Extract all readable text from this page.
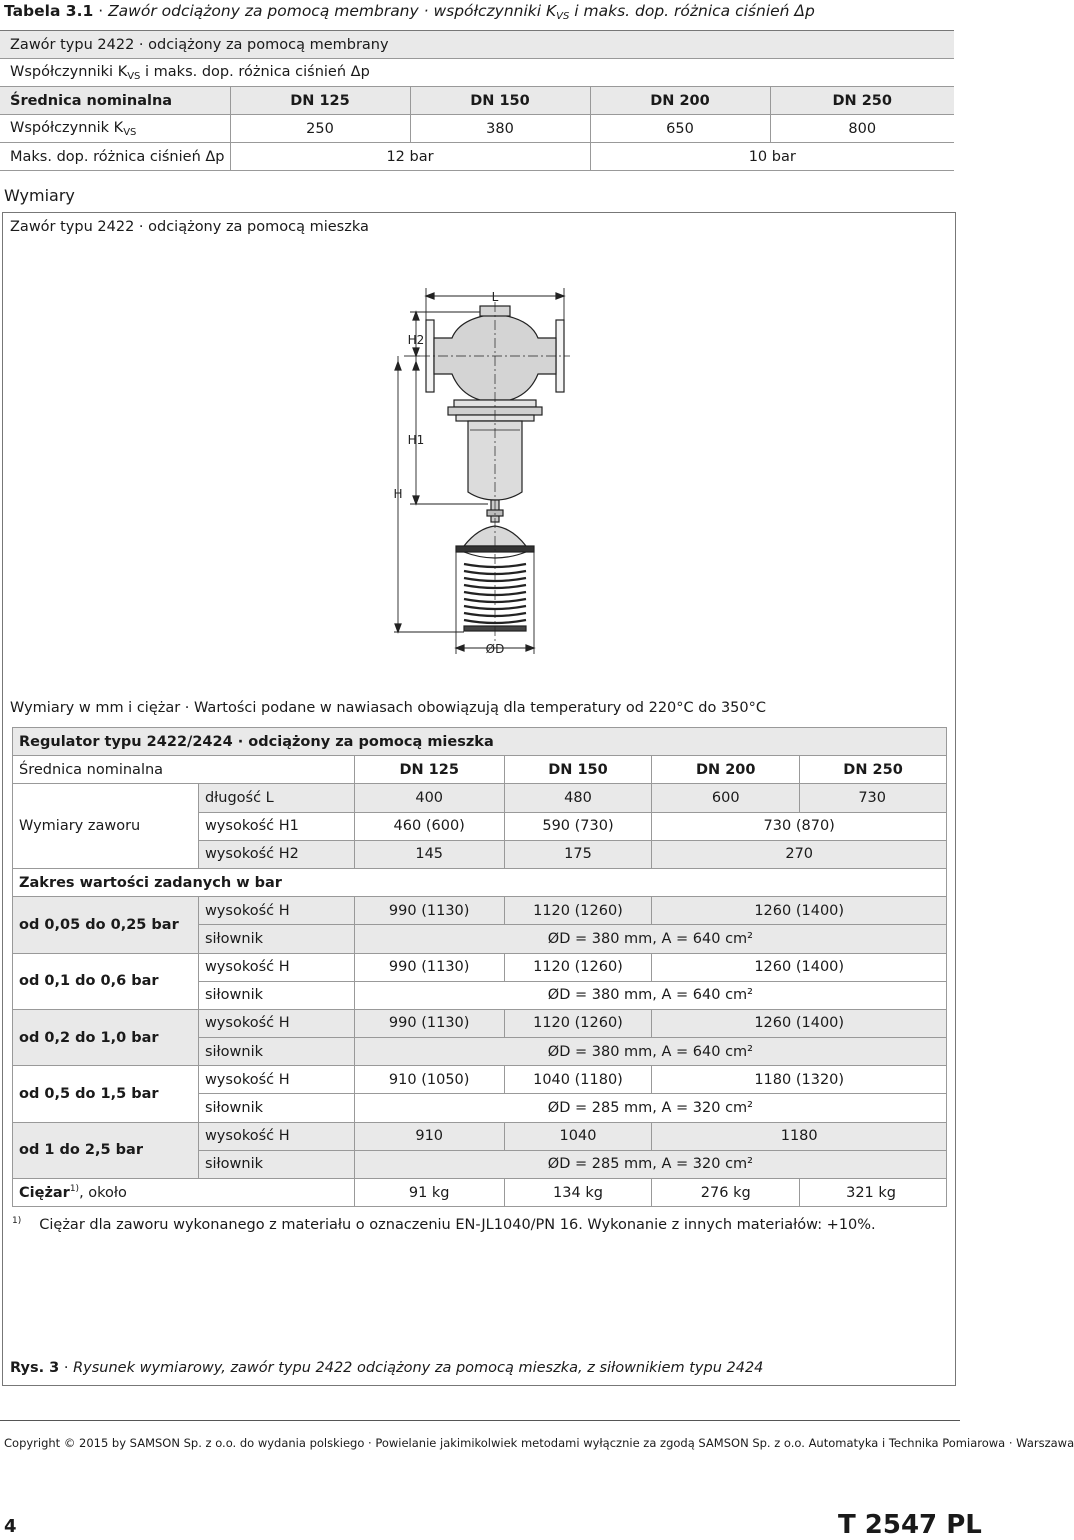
Tabela 3.1 · Zawór odciążony za pomocą membrany · współczynniki $K_{VS}$ i maks. dop. różnica ciśnień Δp
Zawór typu 2422 · odciążony za pomocą membrany				
Współczynniki $K_{VS}$ i maks. dop. różnica ciśnień Δp				
Średnica nominalna	DN 125	DN 150	DN 200	DN 250
Współczynnik $K_{VS}$	250	380	650	800
Maks. dop. różnica ciśnień Δp	12 bar		10 bar	
Wymiary
Zawór typu 2422 · odciążony za pomocą mieszka
L
H2
H1
H
ØD
Wymiary w mm i ciężar · Wartości podane w nawiasach obowiązują dla temperatury od 220°C do 350°C
Regulator typu 2422/2424 · odciążony za pomocą mieszka					
Średnica nominalna		DN 125	DN 150	DN 200	DN 250
Wymiary zaworu	długość L	400	480	600	730
	wysokość H1	460 (600)	590 (730)	730 (870)	
	wysokość H2	145	175	270	
Zakres wartości zadanych w bar					
od 0,05 do 0,25 bar	wysokość H	990 (1130)	1120 (1260)	1260 (1400)	
	siłownik	ØD = 380 mm, A = 640 cm²			
od 0,1 do 0,6 bar	wysokość H	990 (1130)	1120 (1260)	1260 (1400)	
	siłownik	ØD = 380 mm, A = 640 cm²			
od 0,2 do 1,0 bar	wysokość H	990 (1130)	1120 (1260)	1260 (1400)	
	siłownik	ØD = 380 mm, A = 640 cm²			
od 0,5 do 1,5 bar	wysokość H	910 (1050)	1040 (1180)	1180 (1320)	
	siłownik	ØD = 285 mm, A = 320 cm²			
od 1 do 2,5 bar	wysokość H	910	1040	1180	
	siłownik	ØD = 285 mm, A = 320 cm²			
Ciężar$^{1)}$, około		91 kg	134 kg	276 kg	321 kg
$^{1)}$ Ciężar dla zaworu wykonanego z materiału o oznaczeniu EN-JL1040/PN 16. Wykonanie z innych materiałów: +10%.
Rys. 3 · Rysunek wymiarowy, zawór typu 2422 odciążony za pomocą mieszka, z siłownikiem typu 2424
Copyright © 2015 by SAMSON Sp. z o.o. do wydania polskiego · Powielanie jakimikolwiek metodami wyłącznie za zgodą SAMSON Sp. z o.o. Automatyka i Technika Pomiarowa · Warszawa
4	T 2547 PL
